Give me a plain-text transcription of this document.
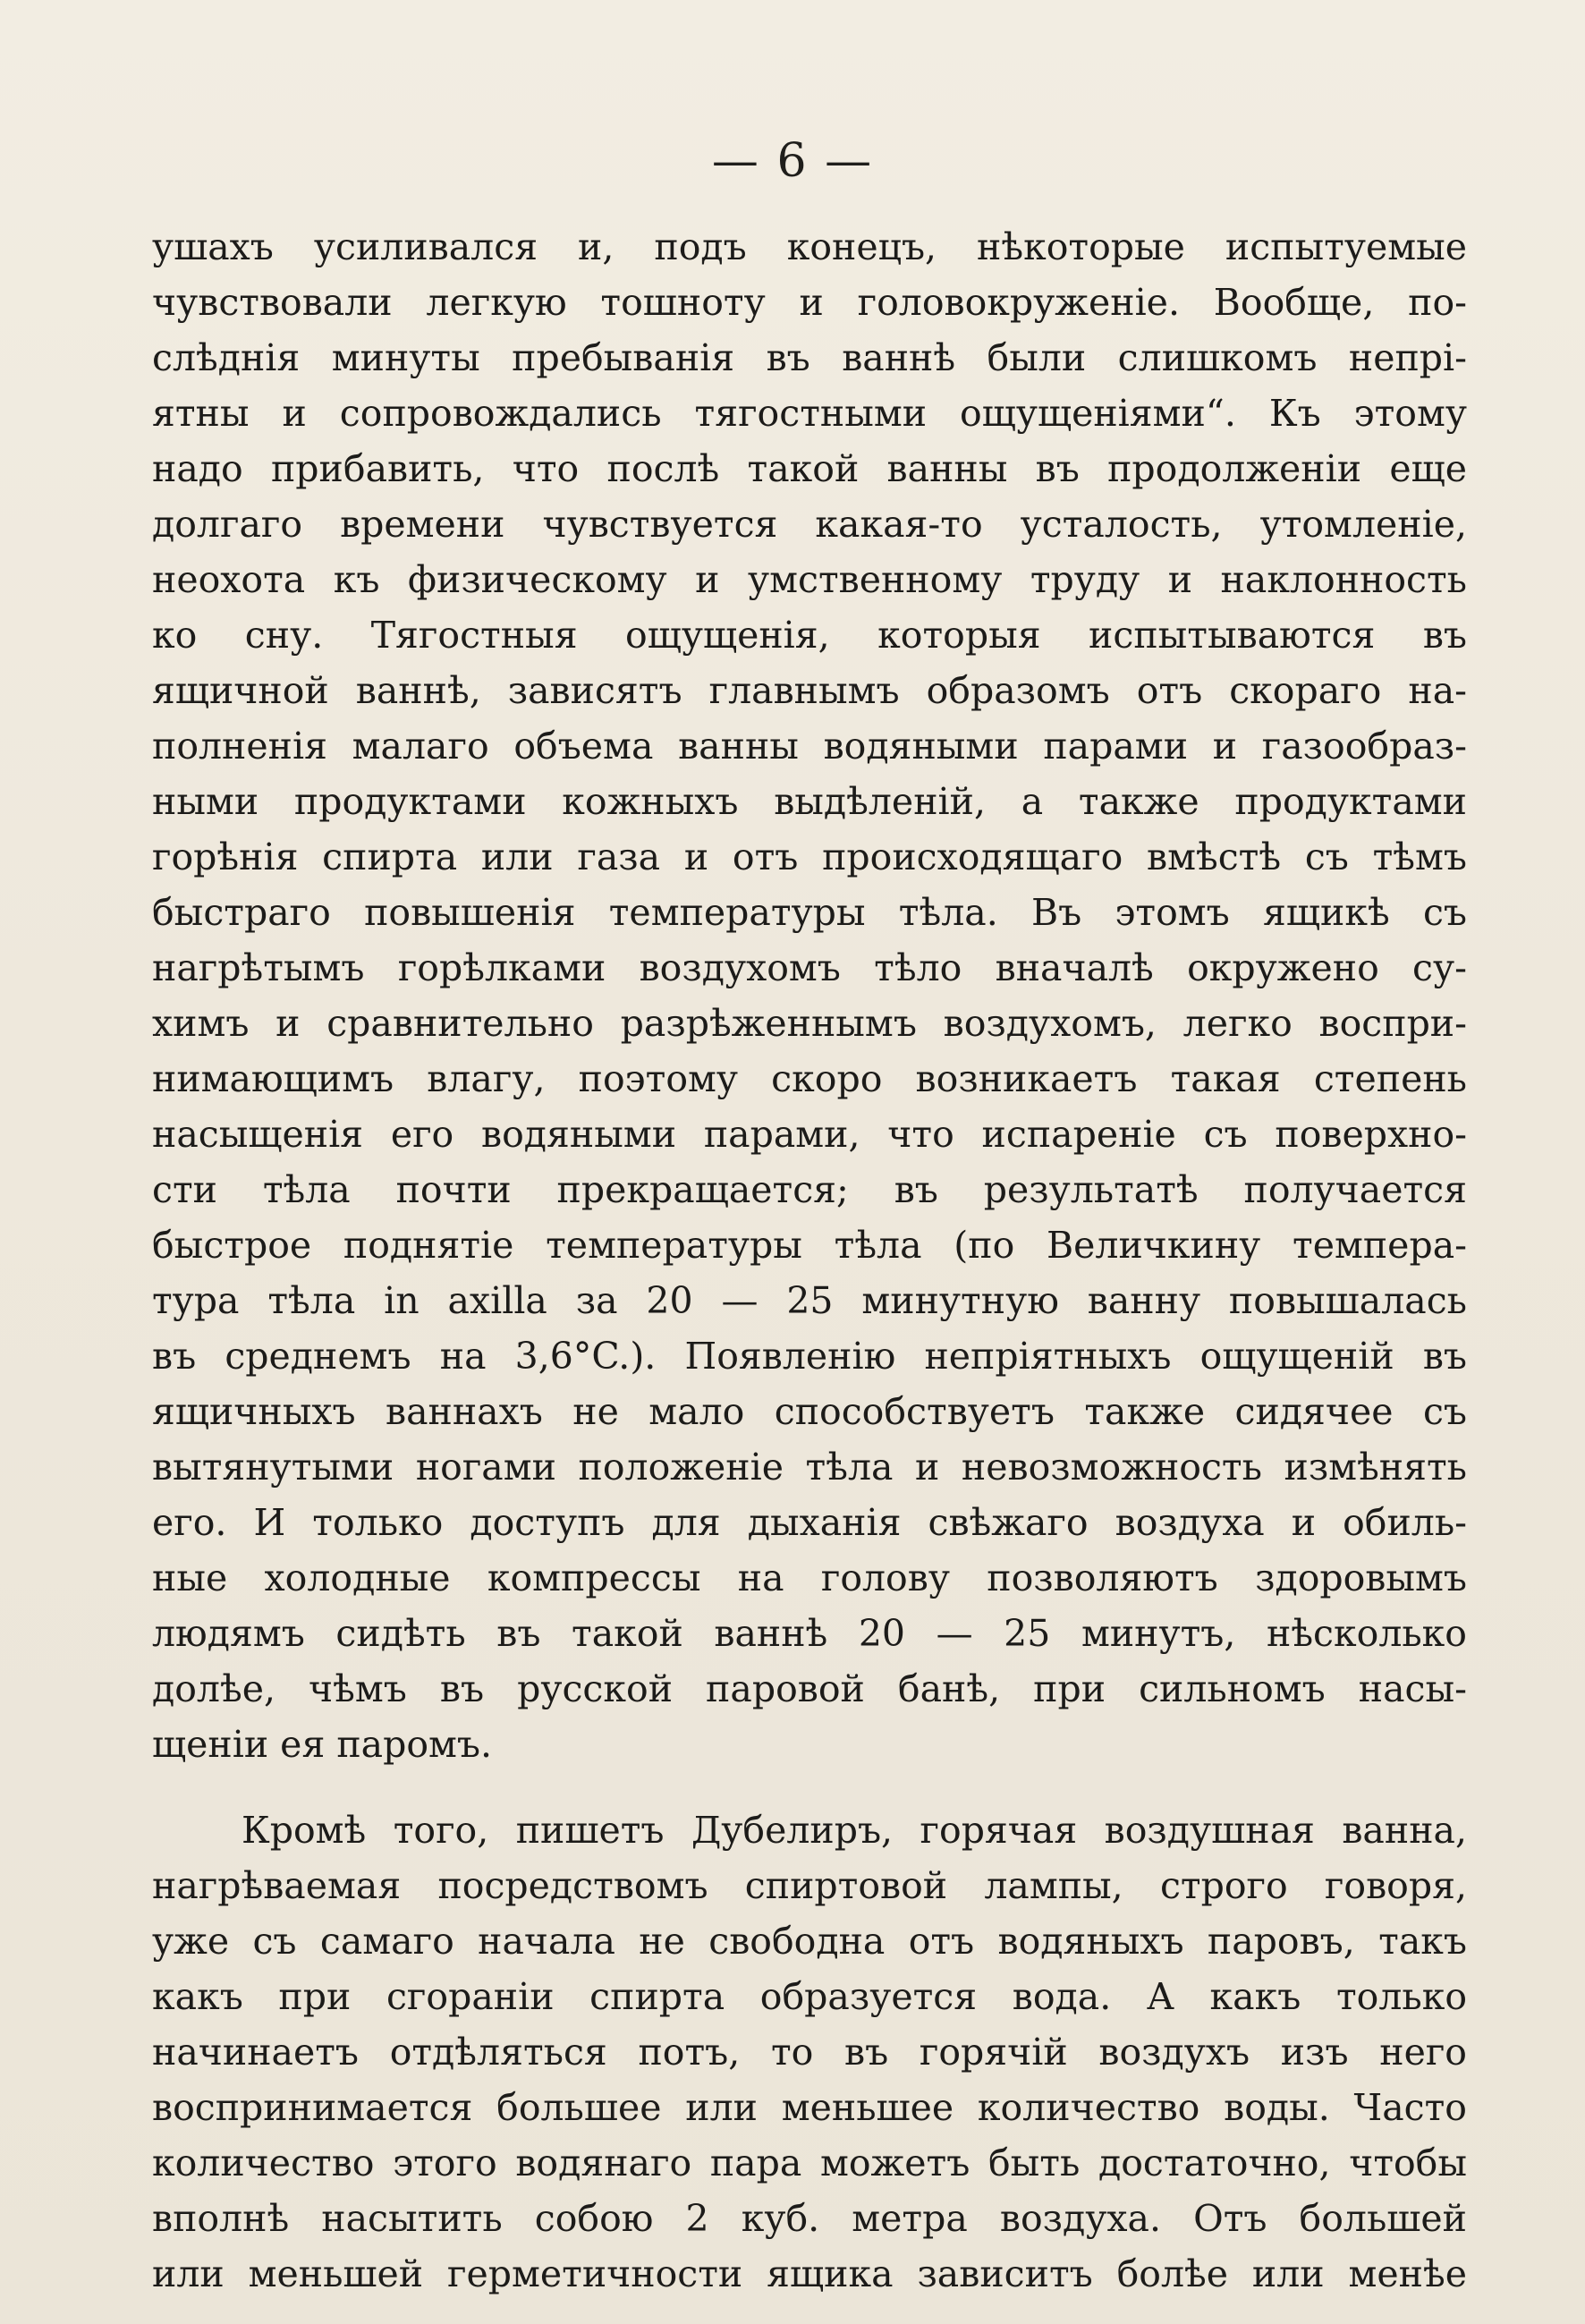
— 6 —
ушахъ усиливался и, подъ конецъ, нѣкоторые испытуемые
чувствовали легкую тошноту и головокруженіе. Вообще, по-
слѣднія минуты пребыванія въ ваннѣ были слишкомъ непрі-
ятны и сопровождались тягостными ощущеніями“. Къ этому
надо прибавить, что послѣ такой ванны въ продолженіи еще
долгаго времени чувствуется какая-то усталость, утомленіе,
неохота къ физическому и умственному труду и наклонность
ко сну. Тягостныя ощущенія, которыя испытываются въ
ящичной ваннѣ, зависятъ главнымъ образомъ отъ скораго на-
полненія малаго объема ванны водяными парами и газообраз-
ными продуктами кожныхъ выдѣленій, а также продуктами
горѣнія спирта или газа и отъ происходящаго вмѣстѣ съ тѣмъ
быстраго повышенія температуры тѣла. Въ этомъ ящикѣ съ
нагрѣтымъ горѣлками воздухомъ тѣло вначалѣ окружено су-
химъ и сравнительно разрѣженнымъ воздухомъ, легко воспри-
нимающимъ влагу, поэтому скоро возникаетъ такая степень
насыщенія его водяными парами, что испареніе съ поверхно-
сти тѣла почти прекращается; въ результатѣ получается
быстрое поднятіе температуры тѣла (по Величкину темпера-
тура тѣла in axilla за 20 — 25 минутную ванну повышалась
въ среднемъ на 3,6°C.). Появленію непріятныхъ ощущеній въ
ящичныхъ ваннахъ не мало способствуетъ также сидячее съ
вытянутыми ногами положеніе тѣла и невозможность измѣнять
его. И только доступъ для дыханія свѣжаго воздуха и обиль-
ные холодные компрессы на голову позволяютъ здоровымъ
людямъ сидѣть въ такой ваннѣ 20 — 25 минутъ, нѣсколько
долѣе, чѣмъ въ русской паровой банѣ, при сильномъ насы-
щеніи ея паромъ.
Кромѣ того, пишетъ Дубелиръ, горячая воздушная ванна,
нагрѣваемая посредствомъ спиртовой лампы, строго говоря,
уже съ самаго начала не свободна отъ водяныхъ паровъ, такъ
какъ при сгораніи спирта образуется вода. А какъ только
начинаетъ отдѣляться потъ, то въ горячій воздухъ изъ него
воспринимается большее или меньшее количество воды. Часто
количество этого водянаго пара можетъ быть достаточно, чтобы
вполнѣ насытить собою 2 куб. метра воздуха. Отъ большей
или меньшей герметичности ящика зависитъ болѣе или менѣе
